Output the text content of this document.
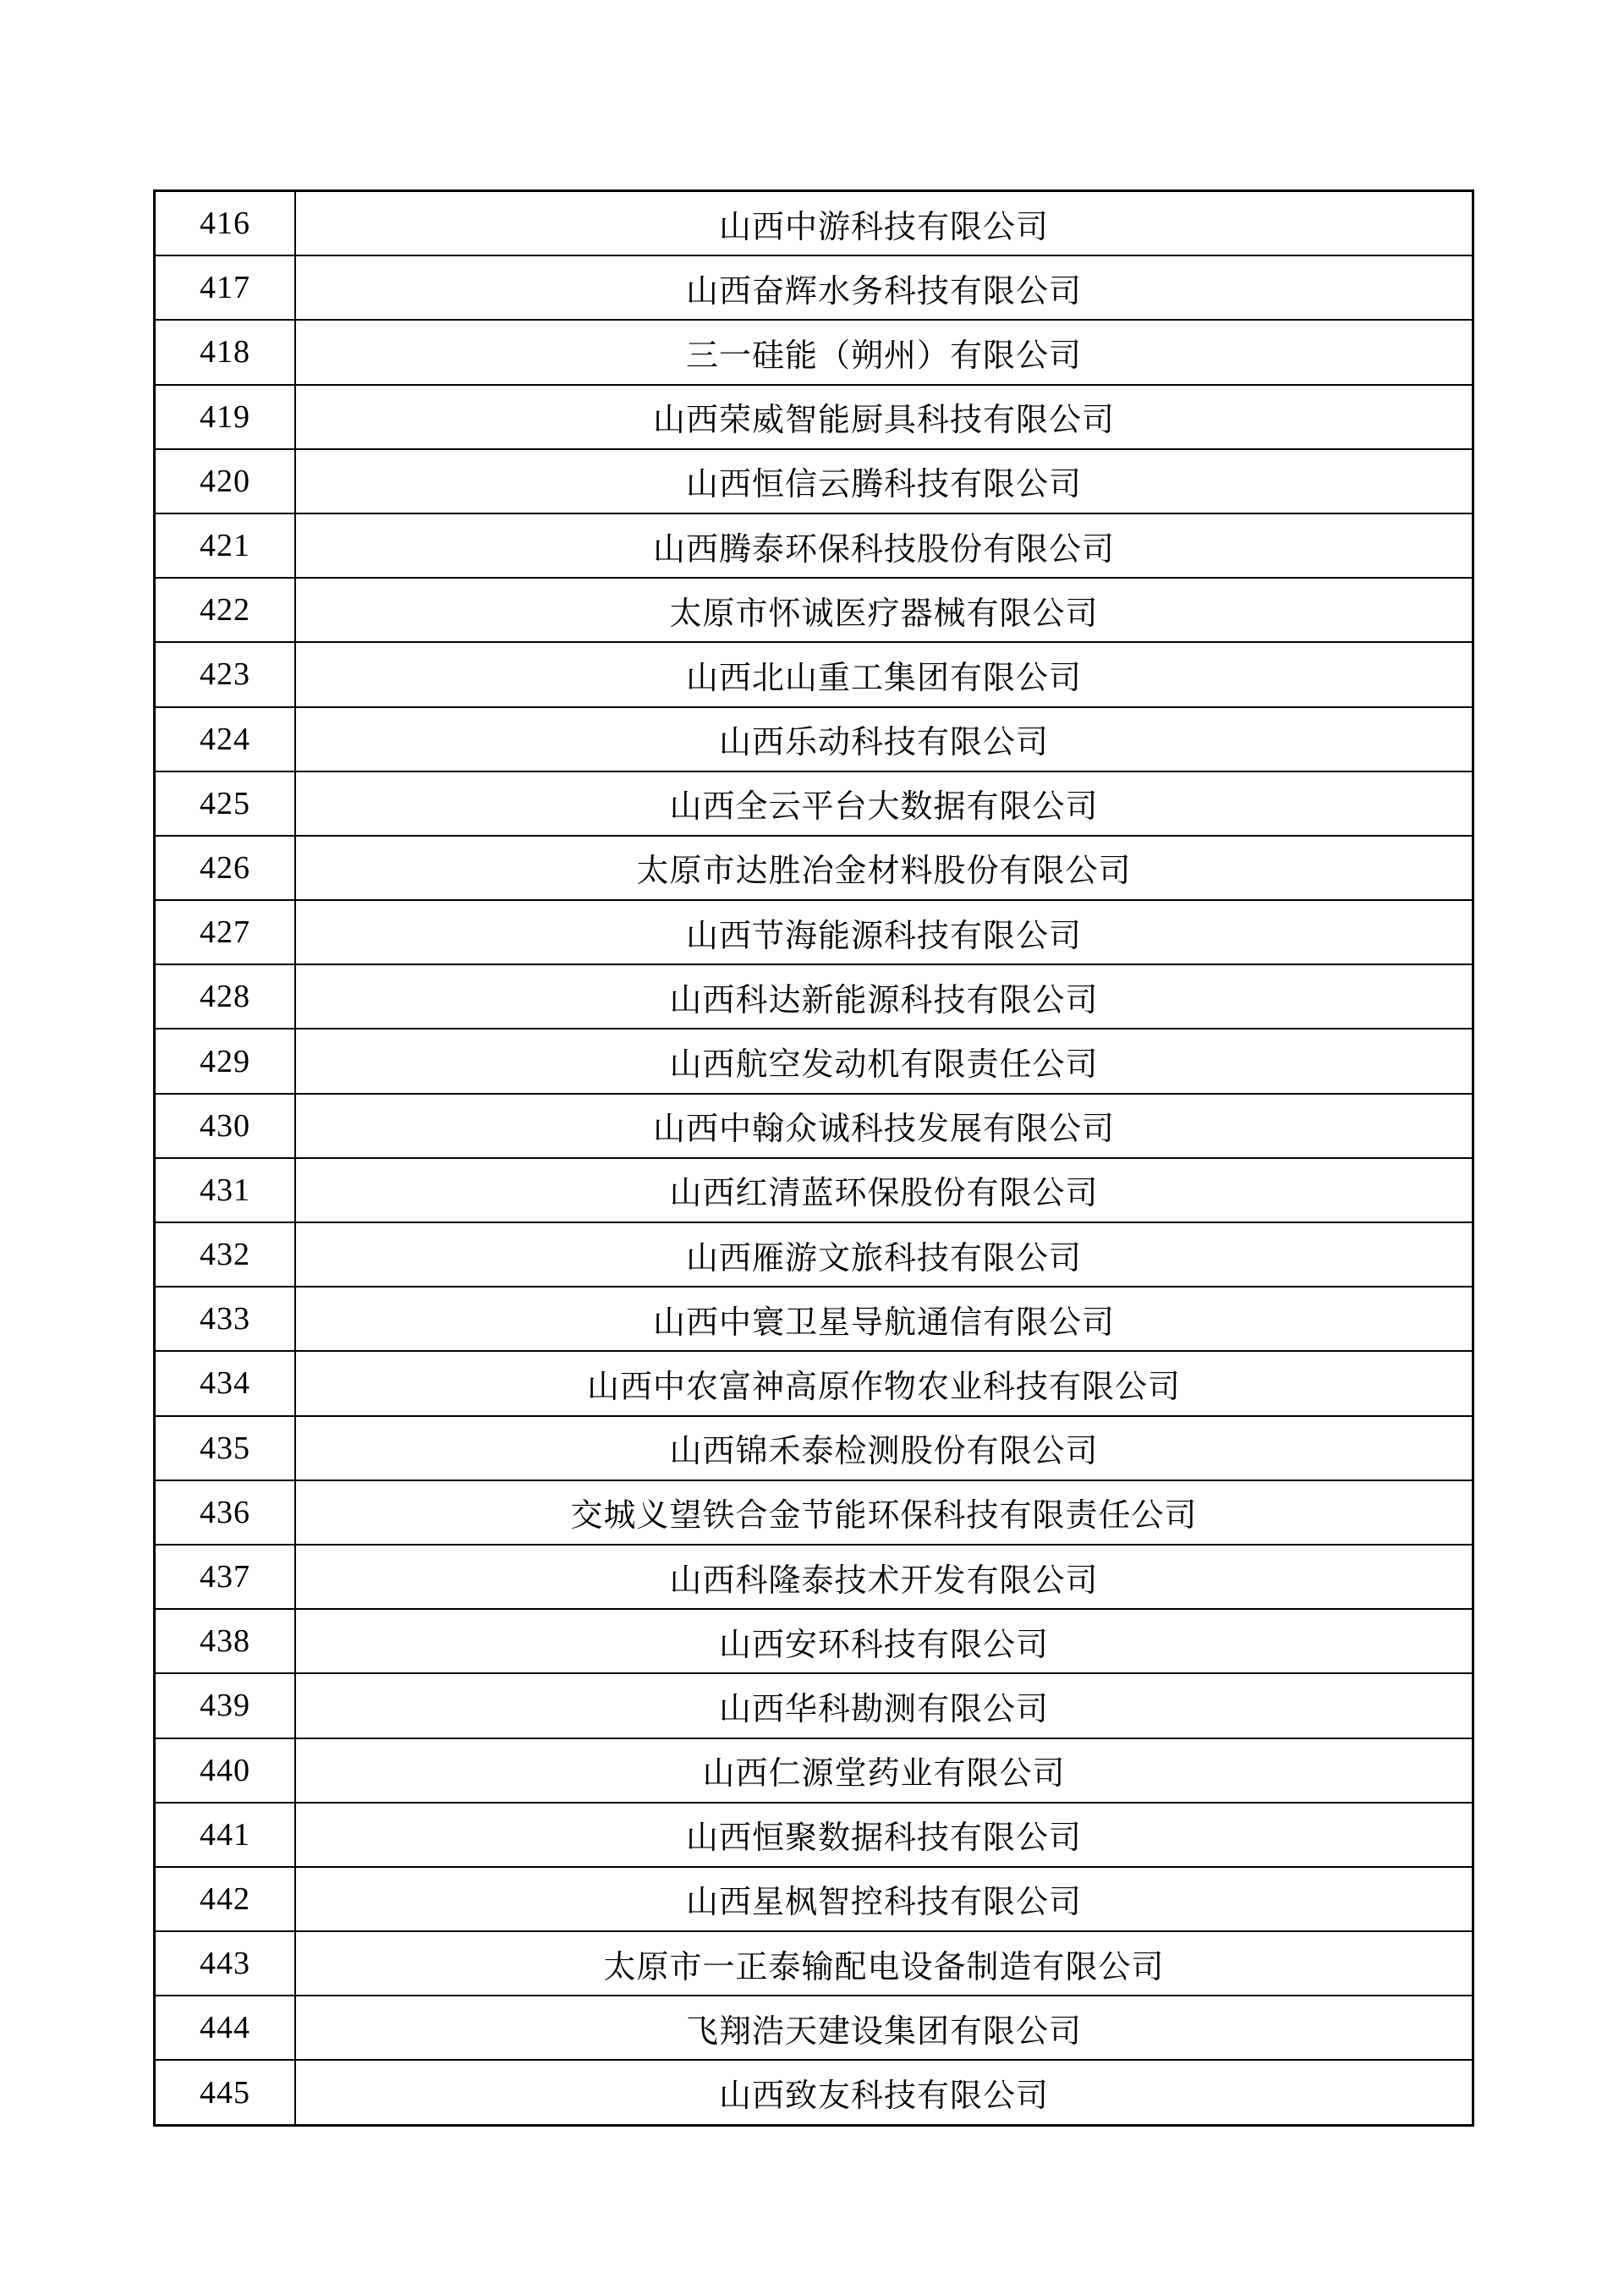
416	山西中游科技有限公司
417	山西奋辉水务科技有限公司
418	三一硅能（朔州）有限公司
419	山西荣威智能厨具科技有限公司
420	山西恒信云腾科技有限公司
421	山西腾泰环保科技股份有限公司
422	太原市怀诚医疗器械有限公司
423	山西北山重工集团有限公司
424	山西乐动科技有限公司
425	山西全云平台大数据有限公司
426	太原市达胜冶金材料股份有限公司
427	山西节海能源科技有限公司
428	山西科达新能源科技有限公司
429	山西航空发动机有限责任公司
430	山西中翰众诚科技发展有限公司
431	山西红清蓝环保股份有限公司
432	山西雁游文旅科技有限公司
433	山西中寰卫星导航通信有限公司
434	山西中农富神高原作物农业科技有限公司
435	山西锦禾泰检测股份有限公司
436	交城义望铁合金节能环保科技有限责任公司
437	山西科隆泰技术开发有限公司
438	山西安环科技有限公司
439	山西华科勘测有限公司
440	山西仁源堂药业有限公司
441	山西恒聚数据科技有限公司
442	山西星枫智控科技有限公司
443	太原市一正泰输配电设备制造有限公司
444	飞翔浩天建设集团有限公司
445	山西致友科技有限公司
